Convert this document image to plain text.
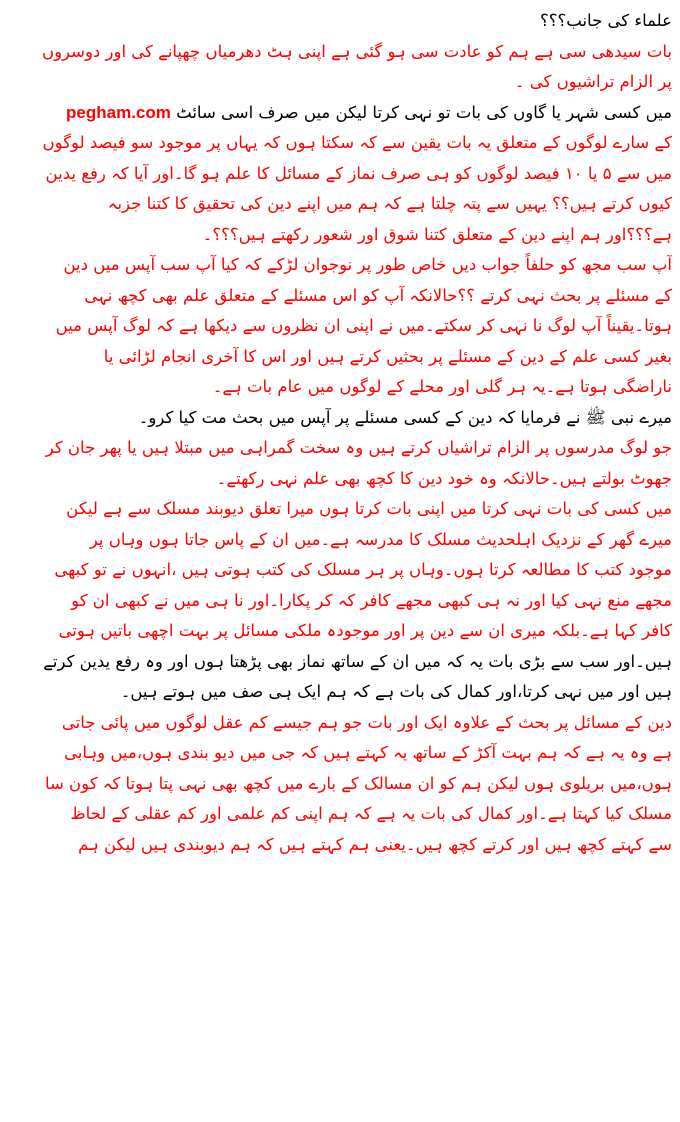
علماء کی جانب؟؟؟
بات سیدھی سی ہے ہم کو عادت سی ہو گئی ہے اپنی ہٹ دھرمیاں چھپانے کی اور دوسروں
پر الزام تراشیوں کی ۔
میں کسی شہر یا گاوں کی بات تو نہی کرتا لیکن میں صرف اسی سائٹ pegham.com
کے سارے لوگوں کے متعلق یہ بات یقین سے کہ سکتا ہوں کہ یہاں پر موجود سو فیصد لوگوں
میں سے ۵ یا ١٠ فیصد لوگوں کو ہی صرف نماز کے مسائل کا علم ہو گا۔اور آیا کہ رفع یدین
کیوں کرتے ہیں؟؟ یہیں سے پتہ چلتا ہے کہ ہم میں اپنے دین کی تحقیق کا کتنا جزبہ
ہے؟؟؟اور ہم اپنے دین کے متعلق کتنا شوق اور شعور رکھتے ہیں؟؟؟۔
آپ سب مجھ کو حلفاً جواب دیں خاص طور پر نوجوان لڑکے کہ کیا آپ سب آپس میں دین
کے مسئلے پر بحث نہی کرتے ؟؟حالانکہ آپ کو اس مسئلے کے متعلق علم بھی کچھ نہی
ہوتا۔یقیناً آپ لوگ نا نہی کر سکتے۔میں نے اپنی ان نظروں سے دیکھا ہے کہ لوگ آپس میں
بغیر کسی علم کے دین کے مسئلے پر بحثیں کرتے ہیں اور اس کا آخری انجام لڑائی یا
ناراضگی ہوتا ہے۔یہ ہر گلی اور محلے کے لوگوں میں عام بات ہے۔
میرے نبی ﷺ نے فرمایا کہ دین کے کسی مسئلے پر آپس میں بحث مت کیا کرو۔
جو لوگ مدرسوں پر الزام تراشیاں کرتے ہیں وہ سخت گمراہی میں مبتلا ہیں یا پھر جان کر
جھوٹ بولتے ہیں۔حالانکہ وہ خود دین کا کچھ بھی علم نہی رکھتے۔
میں کسی کی بات نہی کرتا میں اپنی بات کرتا ہوں میرا تعلق دیوبند مسلک سے ہے لیکن
میرے گھر کے نزدیک اہلحدیث مسلک کا مدرسہ ہے۔میں ان کے پاس جاتا ہوں وہاں پر
موجود کتب کا مطالعہ کرتا ہوں۔وہاں پر ہر مسلک کی کتب ہوتی ہیں ،انہوں نے تو کبھی
مجھے منع نہی کیا اور نہ ہی کبھی مجھے کافر کہ کر پکارا۔اور نا ہی میں نے کبھی ان کو
کافر کہا ہے۔بلکہ میری ان سے دین پر اور موجودہ ملکی مسائل پر بہت اچھی باتیں ہوتی
ہیں۔اور سب سے بڑی بات یہ کہ میں ان کے ساتھ نماز بھی پڑھتا ہوں اور وہ رفع یدین کرتے
ہیں اور میں نہی کرتا،اور کمال کی بات ہے کہ ہم ایک ہی صف میں ہوتے ہیں۔
دین کے مسائل پر بحث کے علاوہ ایک اور بات جو ہم جیسے کم عقل لوگوں میں پائی جاتی
ہے وہ یہ ہے کہ ہم بہت آکڑ کے ساتھ یہ کہتے ہیں کہ جی میں دیو بندی ہوں،میں وہابی
ہوں،میں بریلوی ہوں لیکن ہم کو ان مسالک کے بارے میں کچھ بھی نہی پتا ہوتا کہ کون سا
مسلک کیا کہتا ہے۔اور کمال کی بات یہ ہے کہ ہم اپنی کم علمی اور کم عقلی کے لحاظ
سے کہتے کچھ ہیں اور کرتے کچھ ہیں۔یعنی ہم کہتے ہیں کہ ہم دیوبندی ہیں لیکن ہم
